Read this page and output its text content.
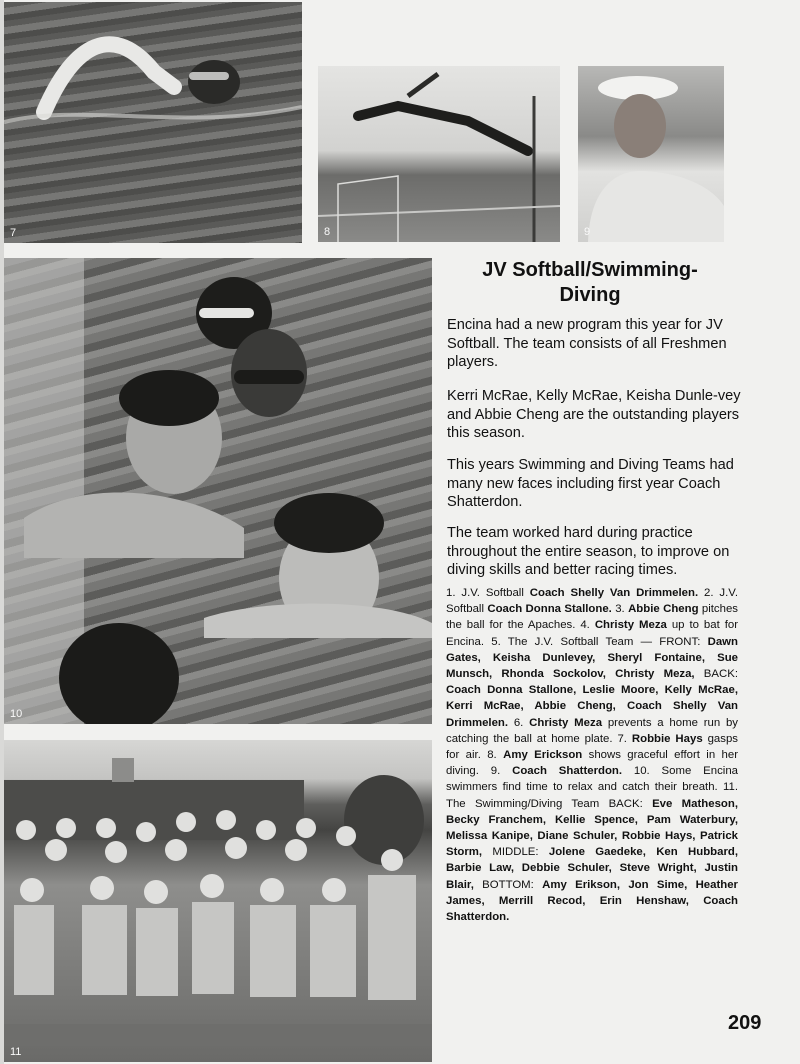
7	8	9
10
11
JV Softball/Swimming-
Diving

Encina had a new program this year for JV Softball. The team consists of all Freshmen players.

Kerri McRae, Kelly McRae, Keisha Dunle-vey and Abbie Cheng are the outstanding players this season.

This years Swimming and Diving Teams had many new faces including first year Coach Shatterdon.

The team worked hard during practice throughout the entire season, to improve on diving skills and better racing times.

1. J.V. Softball Coach Shelly Van Drimmelen. 2. J.V. Softball Coach Donna Stallone. 3. Abbie Cheng pitches the ball for the Apaches. 4. Christy Meza up to bat for Encina. 5. The J.V. Softball Team — FRONT: Dawn Gates, Keisha Dunlevey, Sheryl Fontaine, Sue Munsch, Rhonda Sockolov, Christy Meza, BACK: Coach Donna Stallone, Leslie Moore, Kelly McRae, Kerri McRae, Abbie Cheng, Coach Shelly Van Drimmelen. 6. Christy Meza prevents a home run by catching the ball at home plate. 7. Robbie Hays gasps for air. 8. Amy Erickson shows graceful effort in her diving. 9. Coach Shatterdon. 10. Some Encina swimmers find time to relax and catch their breath. 11. The Swimming/Diving Team BACK: Eve Matheson, Becky Franchem, Kellie Spence, Pam Waterbury, Melissa Kanipe, Diane Schuler, Robbie Hays, Patrick Storm, MIDDLE: Jolene Gaedeke, Ken Hubbard, Barbie Law, Debbie Schuler, Steve Wright, Justin Blair, BOTTOM: Amy Erikson, Jon Sime, Heather James, Merrill Recod, Erin Henshaw, Coach Shatterdon.
209
